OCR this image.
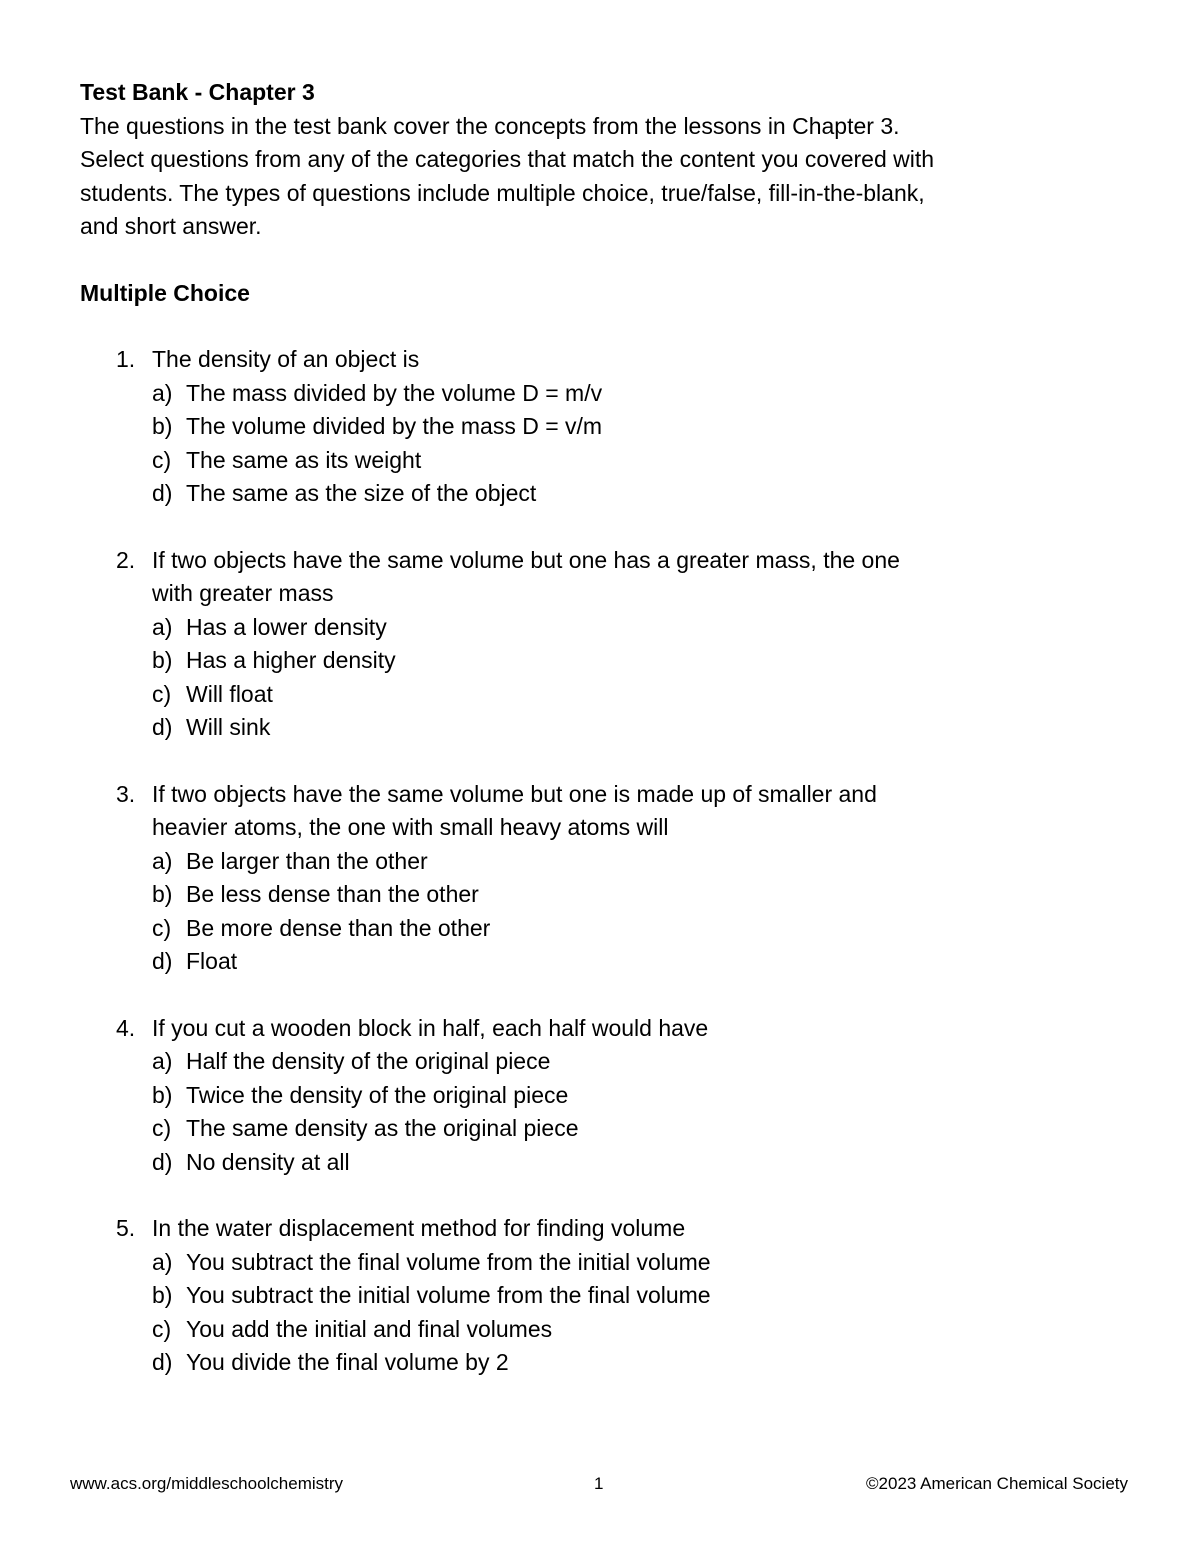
Test Bank - Chapter 3
The questions in the test bank cover the concepts from the lessons in Chapter 3.
Select questions from any of the categories that match the content you covered with
students. The types of questions include multiple choice, true/false, fill-in-the-blank,
and short answer.
Multiple Choice
1. The density of an object is
a) The mass divided by the volume D = m/v
b) The volume divided by the mass D = v/m
c) The same as its weight
d) The same as the size of the object
2. If two objects have the same volume but one has a greater mass, the one
with greater mass
a) Has a lower density
b) Has a higher density
c) Will float
d) Will sink
3. If two objects have the same volume but one is made up of smaller and
heavier atoms, the one with small heavy atoms will
a) Be larger than the other
b) Be less dense than the other
c) Be more dense than the other
d) Float
4. If you cut a wooden block in half, each half would have
a) Half the density of the original piece
b) Twice the density of the original piece
c) The same density as the original piece
d) No density at all
5. In the water displacement method for finding volume
a) You subtract the final volume from the initial volume
b) You subtract the initial volume from the final volume
c) You add the initial and final volumes
d) You divide the final volume by 2
www.acs.org/middleschoolchemistry	1	©2023 American Chemical Society
